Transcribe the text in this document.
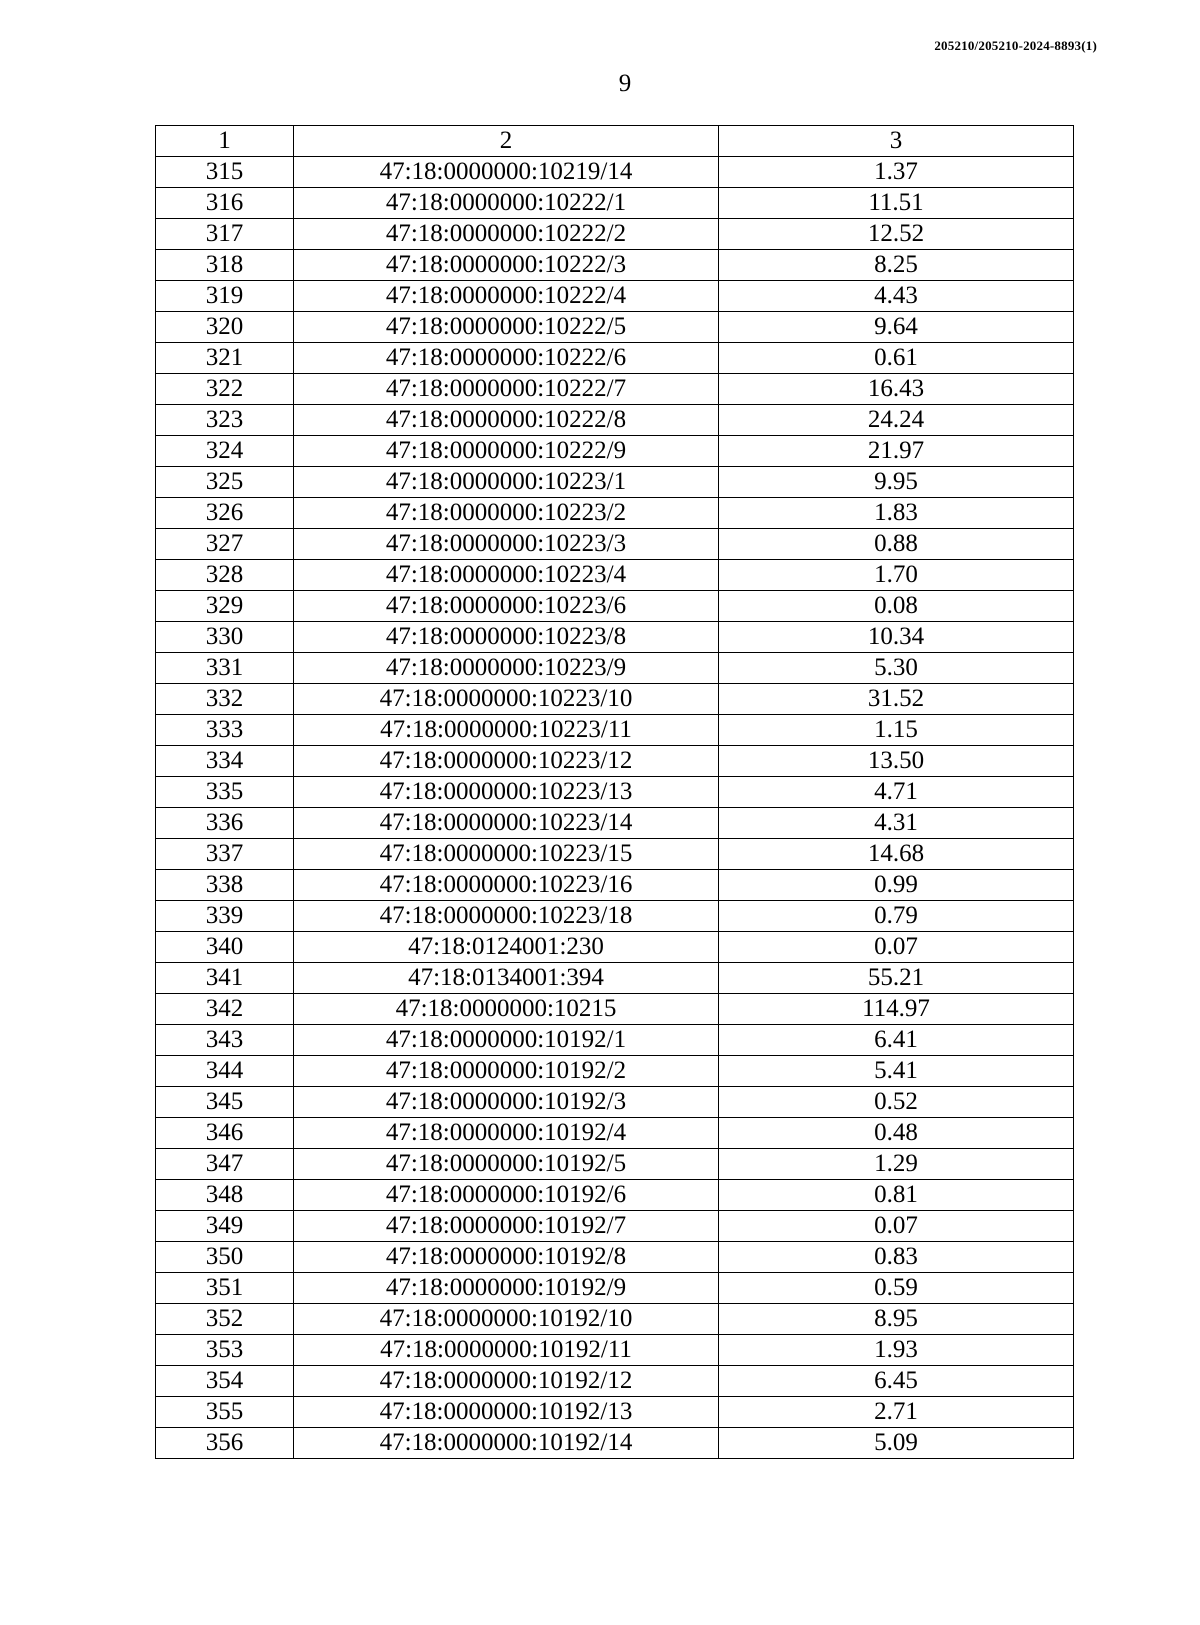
205210/205210-2024-8893(1)
9
1	2	3
315	47:18:0000000:10219/14	1.37
316	47:18:0000000:10222/1	11.51
317	47:18:0000000:10222/2	12.52
318	47:18:0000000:10222/3	8.25
319	47:18:0000000:10222/4	4.43
320	47:18:0000000:10222/5	9.64
321	47:18:0000000:10222/6	0.61
322	47:18:0000000:10222/7	16.43
323	47:18:0000000:10222/8	24.24
324	47:18:0000000:10222/9	21.97
325	47:18:0000000:10223/1	9.95
326	47:18:0000000:10223/2	1.83
327	47:18:0000000:10223/3	0.88
328	47:18:0000000:10223/4	1.70
329	47:18:0000000:10223/6	0.08
330	47:18:0000000:10223/8	10.34
331	47:18:0000000:10223/9	5.30
332	47:18:0000000:10223/10	31.52
333	47:18:0000000:10223/11	1.15
334	47:18:0000000:10223/12	13.50
335	47:18:0000000:10223/13	4.71
336	47:18:0000000:10223/14	4.31
337	47:18:0000000:10223/15	14.68
338	47:18:0000000:10223/16	0.99
339	47:18:0000000:10223/18	0.79
340	47:18:0124001:230	0.07
341	47:18:0134001:394	55.21
342	47:18:0000000:10215	114.97
343	47:18:0000000:10192/1	6.41
344	47:18:0000000:10192/2	5.41
345	47:18:0000000:10192/3	0.52
346	47:18:0000000:10192/4	0.48
347	47:18:0000000:10192/5	1.29
348	47:18:0000000:10192/6	0.81
349	47:18:0000000:10192/7	0.07
350	47:18:0000000:10192/8	0.83
351	47:18:0000000:10192/9	0.59
352	47:18:0000000:10192/10	8.95
353	47:18:0000000:10192/11	1.93
354	47:18:0000000:10192/12	6.45
355	47:18:0000000:10192/13	2.71
356	47:18:0000000:10192/14	5.09
